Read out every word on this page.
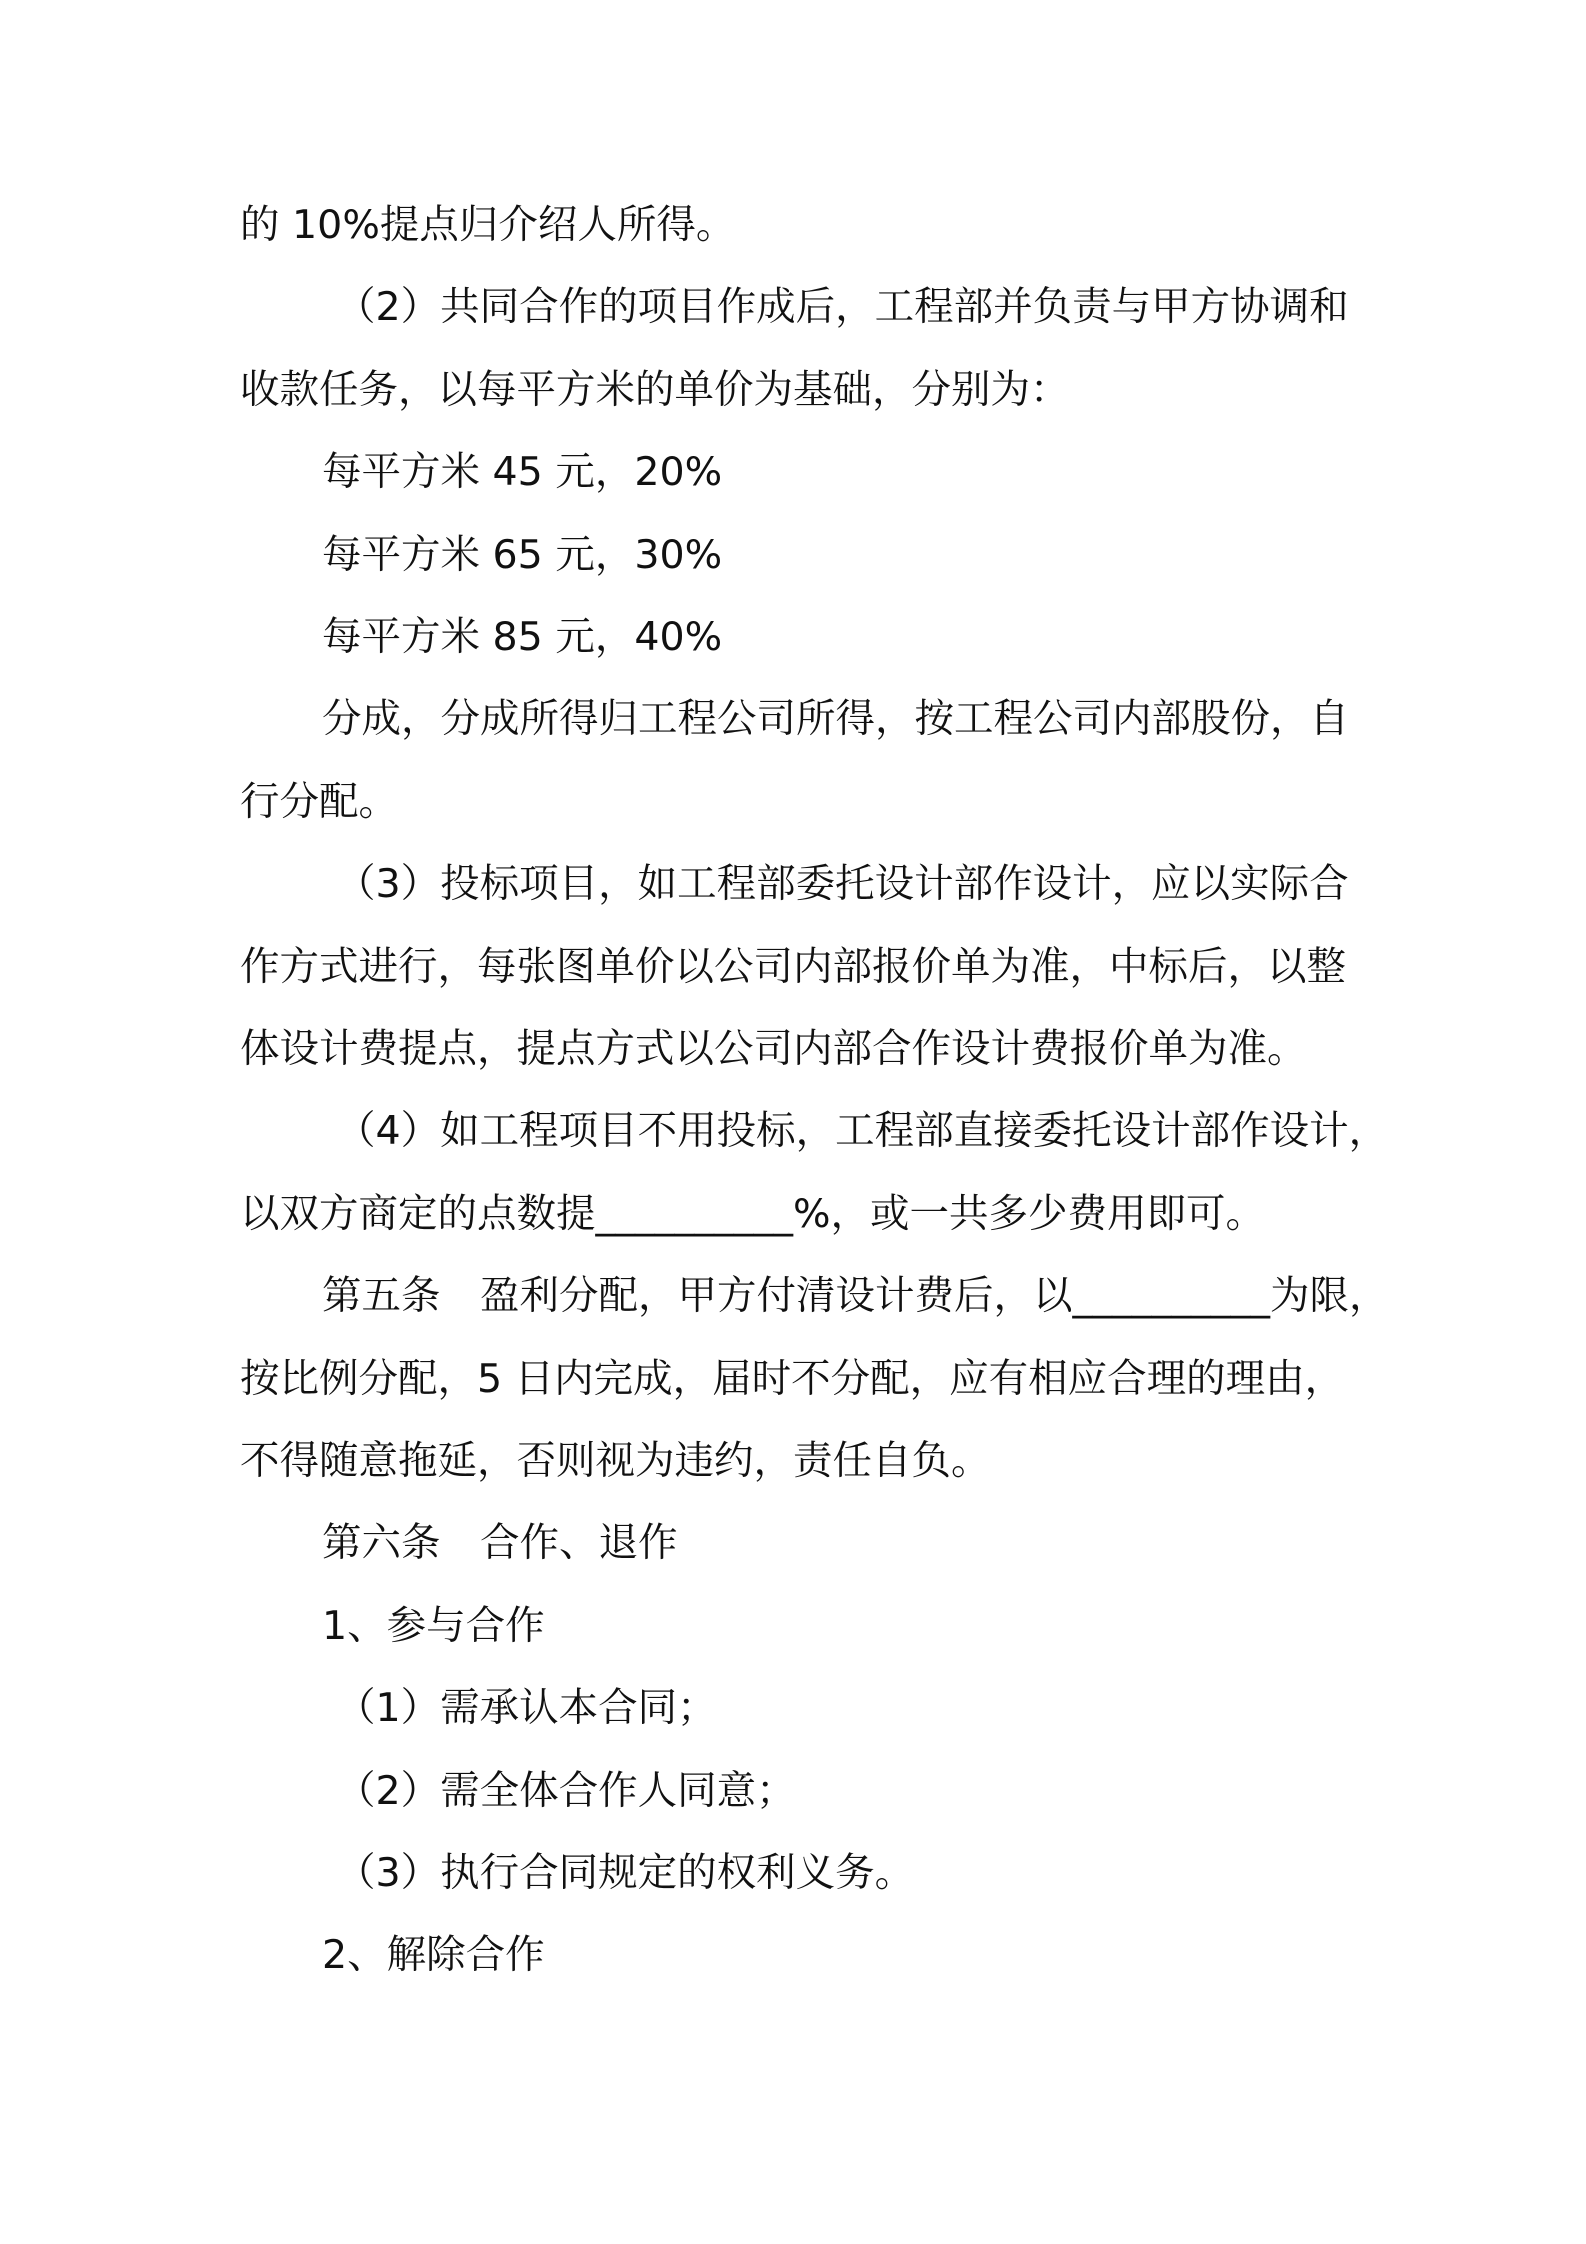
的 10%提点归介绍人所得。

（2）共同合作的项目作成后，工程部并负责与甲方协调和

收款任务，以每平方米的单价为基础，分别为：

每平方米 45 元，20%

每平方米 65 元，30%

每平方米 85 元，40%

分成，分成所得归工程公司所得，按工程公司内部股份，自

行分配。

（3）投标项目，如工程部委托设计部作设计，应以实际合

作方式进行，每张图单价以公司内部报价单为准，中标后，以整

体设计费提点，提点方式以公司内部合作设计费报价单为准。

（4）如工程项目不用投标，工程部直接委托设计部作设计，

以双方商定的点数提__________%，或一共多少费用即可。

第五条　盈利分配，甲方付清设计费后，以__________为限，

按比例分配，5 日内完成，届时不分配，应有相应合理的理由，

不得随意拖延，否则视为违约，责任自负。

第六条　合作、退作

1、参与合作

（1）需承认本合同；

（2）需全体合作人同意；

（3）执行合同规定的权利义务。

2、解除合作
